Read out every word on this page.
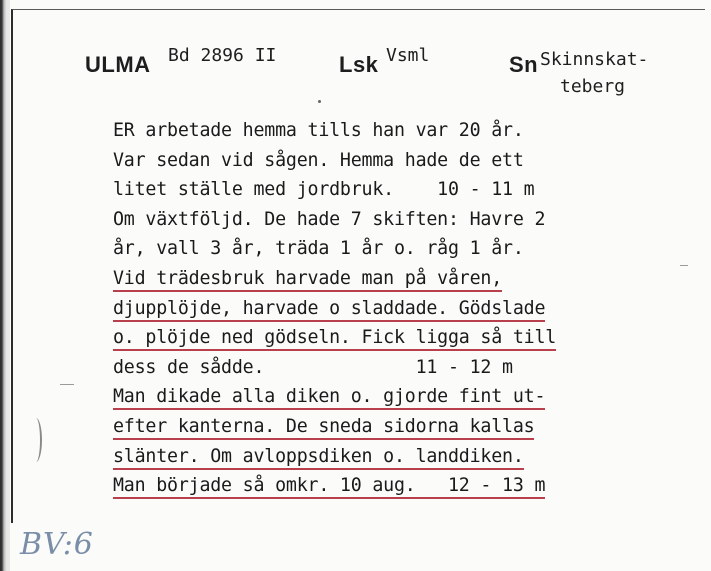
ULMA Bd 2896 II	Lsk Vsml	Sn Skinnskat-
teberg
ER arbetade hemma tills han var 20 år.
Var sedan vid sågen. Hemma hade de ett
litet ställe med jordbruk.    10 - 11 m
Om växtföljd. De hade 7 skiften: Havre 2
år, vall 3 år, träda 1 år o. råg 1 år.
Vid trädesbruk harvade man på våren,
djupplöjde, harvade o sladdade. Gödslade
o. plöjde ned gödseln. Fick ligga så till
dess de sådde.              11 - 12 m
Man dikade alla diken o. gjorde fint ut-
efter kanterna. De sneda sidorna kallas
slänter. Om avloppsdiken o. landdiken.
Man började så omkr. 10 aug.   12 - 13 m
BV:6
